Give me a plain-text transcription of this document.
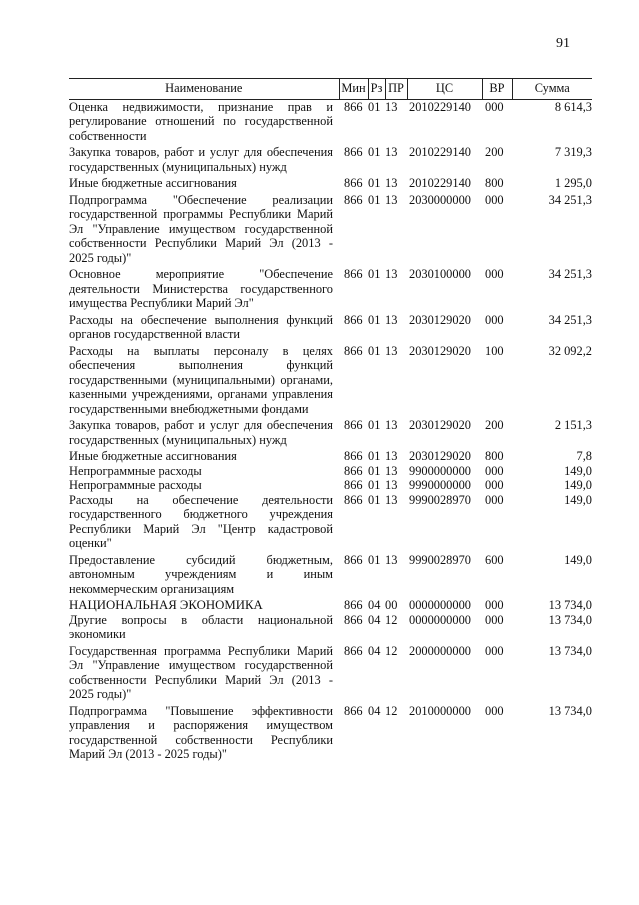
91
Наименование	Мин	Рз	ПР	ЦС	ВР	Сумма
Оценка недвижимости, признание прав и регулирование отношений по государственной собственности	866	01	13	2010229140	000	8 614,3
Закупка товаров, работ и услуг для обеспечения государственных (муниципальных) нужд	866	01	13	2010229140	200	7 319,3
Иные бюджетные ассигнования	866	01	13	2010229140	800	1 295,0
Подпрограмма "Обеспечение реализации государственной программы Республики Марий Эл "Управление имуществом государственной собственности Республики Марий Эл (2013 - 2025 годы)"	866	01	13	2030000000	000	34 251,3
Основное мероприятие "Обеспечение деятельности Министерства государственного имущества Республики Марий Эл"	866	01	13	2030100000	000	34 251,3
Расходы на обеспечение выполнения функций органов государственной власти	866	01	13	2030129020	000	34 251,3
Расходы на выплаты персоналу в целях обеспечения выполнения функций государственными (муниципальными) органами, казенными учреждениями, органами управления государственными внебюджетными фондами	866	01	13	2030129020	100	32 092,2
Закупка товаров, работ и услуг для обеспечения государственных (муниципальных) нужд	866	01	13	2030129020	200	2 151,3
Иные бюджетные ассигнования	866	01	13	2030129020	800	7,8
Непрограммные расходы	866	01	13	9900000000	000	149,0
Непрограммные расходы	866	01	13	9990000000	000	149,0
Расходы на обеспечение деятельности государственного бюджетного учреждения Республики Марий Эл "Центр кадастровой оценки"	866	01	13	9990028970	000	149,0
Предоставление субсидий бюджетным, автономным учреждениям и иным некоммерческим организациям	866	01	13	9990028970	600	149,0
НАЦИОНАЛЬНАЯ ЭКОНОМИКА	866	04	00	0000000000	000	13 734,0
Другие вопросы в области национальной экономики	866	04	12	0000000000	000	13 734,0
Государственная программа Республики Марий Эл "Управление имуществом государственной собственности Республики Марий Эл (2013 - 2025 годы)"	866	04	12	2000000000	000	13 734,0
Подпрограмма "Повышение эффективности управления и распоряжения имуществом государственной собственности Республики Марий Эл (2013 - 2025 годы)"	866	04	12	2010000000	000	13 734,0
